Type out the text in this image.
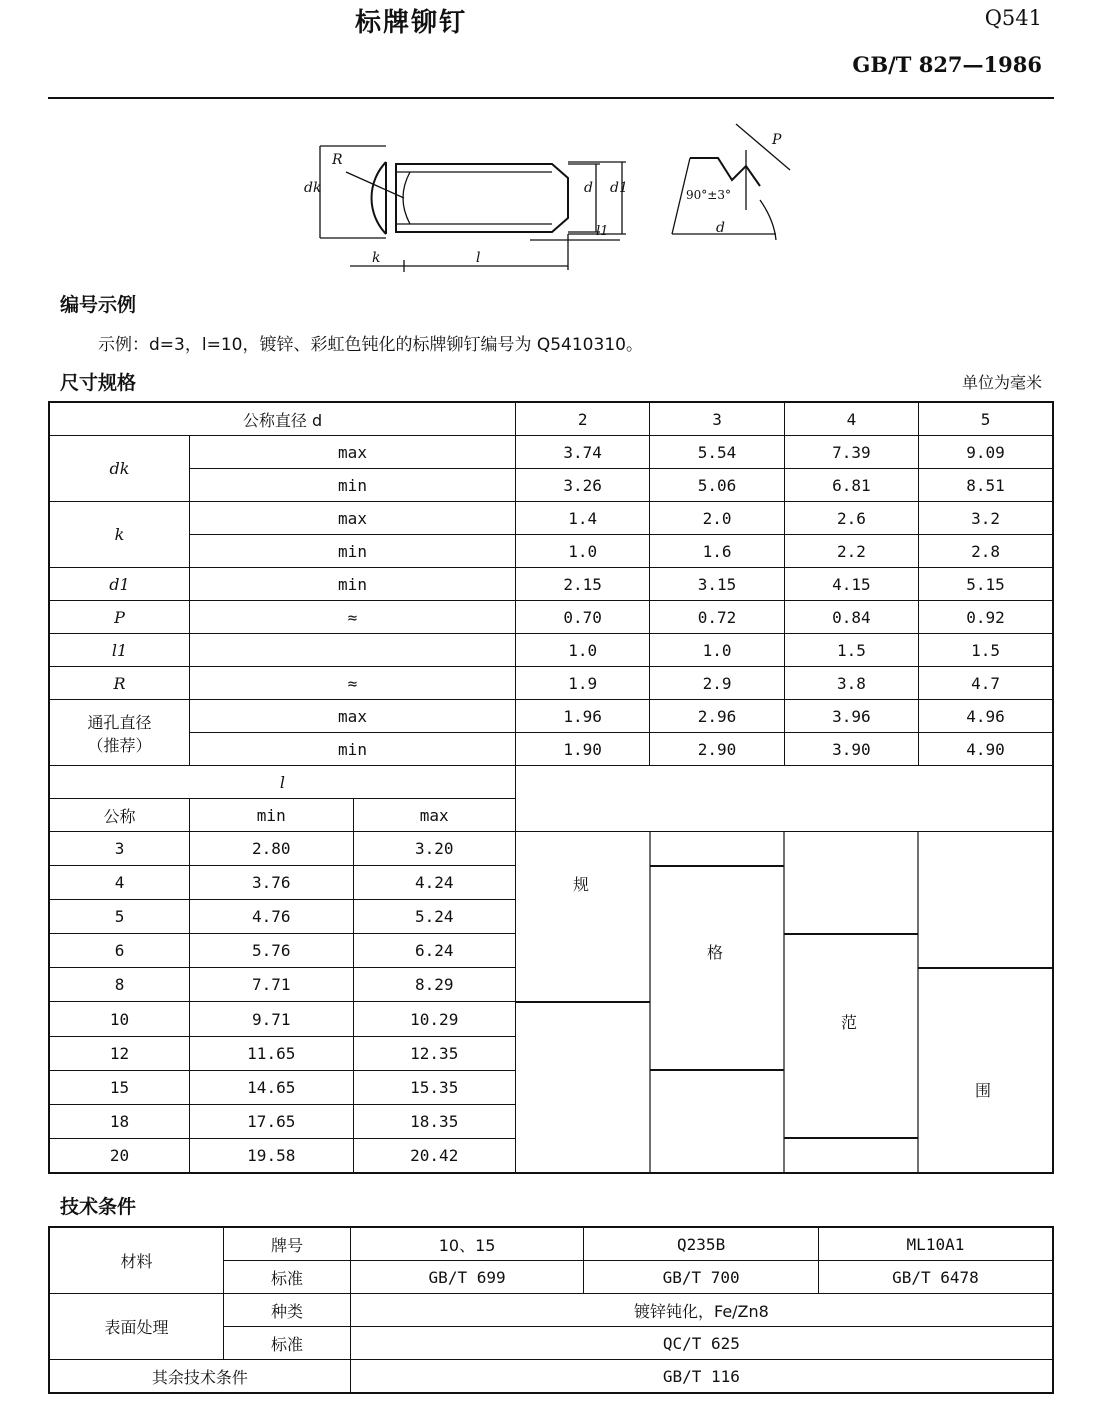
标牌铆钉	Q541
GB/T 827—1986
R
dk	d d1
l1
k	l
P
90°±3°
d
编号示例
示例：d=3，l=10，镀锌、彩虹色钝化的标牌铆钉编号为 Q5410310。
尺寸规格	单位为毫米
公称直径 d			2	3	4	5
dk	max		3.74	5.54	7.39	9.09
	min		3.26	5.06	6.81	8.51
k	max		1.4	2.0	2.6	3.2
	min		1.0	1.6	2.2	2.8
d1	min		2.15	3.15	4.15	5.15
P	≈		0.70	0.72	0.84	0.92
l1			1.0	1.0	1.5	1.5
R	≈		1.9	2.9	3.8	4.7
通孔直径
（推荐）	max		1.96	2.96	3.96	4.96
	min		1.90	2.90	3.90	4.90
l						
公称	min	max				
3	2.80	3.20	规
格
范
围			

4	3.76	4.24				
5	4.76	5.24				
6	5.76	6.24				
8	7.71	8.29				
10	9.71	10.29				
12	11.65	12.35				
15	14.65	15.35				
18	17.65	18.35				
20	19.58	20.42				
技术条件
材料	牌号	10、15	Q235B	ML10A1
	标准	GB/T 699	GB/T 700	GB/T 6478
表面处理	种类	镀锌钝化，Fe/Zn8		
	标准	QC/T 625		
其余技术条件		GB/T 116		
